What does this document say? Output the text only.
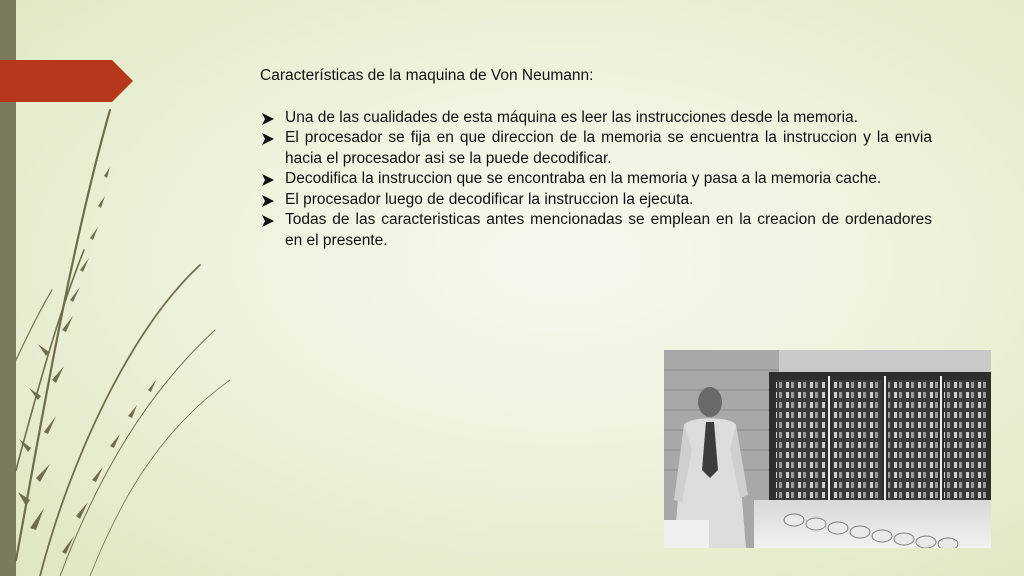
Características de la maquina de Von Neumann:
Una de las cualidades de esta máquina es leer las instrucciones desde la memoria.
El procesador se fija en que direccion de la memoria se encuentra la instruccion y la envia hacia el procesador asi se la puede decodificar.
Decodifica la instruccion que se encontraba en la memoria y pasa a la memoria cache.
El procesador luego de decodificar la instruccion la ejecuta.
Todas de las caracteristicas antes mencionadas se emplean en la creacion de ordenadores en el presente.
